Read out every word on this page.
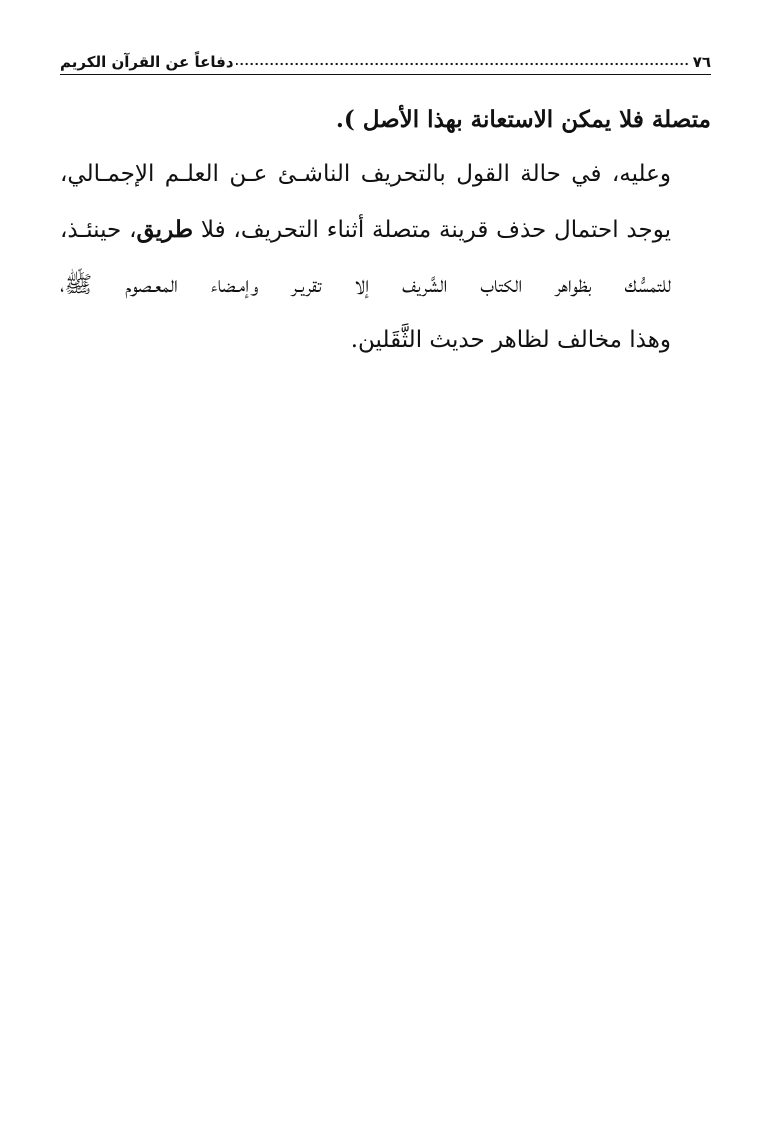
٧٦
دفاعاً عن القرآن الكريم

متصلة فلا يمكن الاستعانة بهذا الأصل ).

وعليه، في حالة القول بالتحريف الناشـئ عـن العلـم الإجمـالي،
يوجد احتمال حذف قرينة متصلة أثناء التحريف، فلا طريق، حينئـذ،
للتمسُّك بظواهر الكتاب الشَّريف إلا تقريـر وإمـضاء المعـصوم ﷺ،
وهذا مخالف لظاهر حديث الثَّقَلين.
